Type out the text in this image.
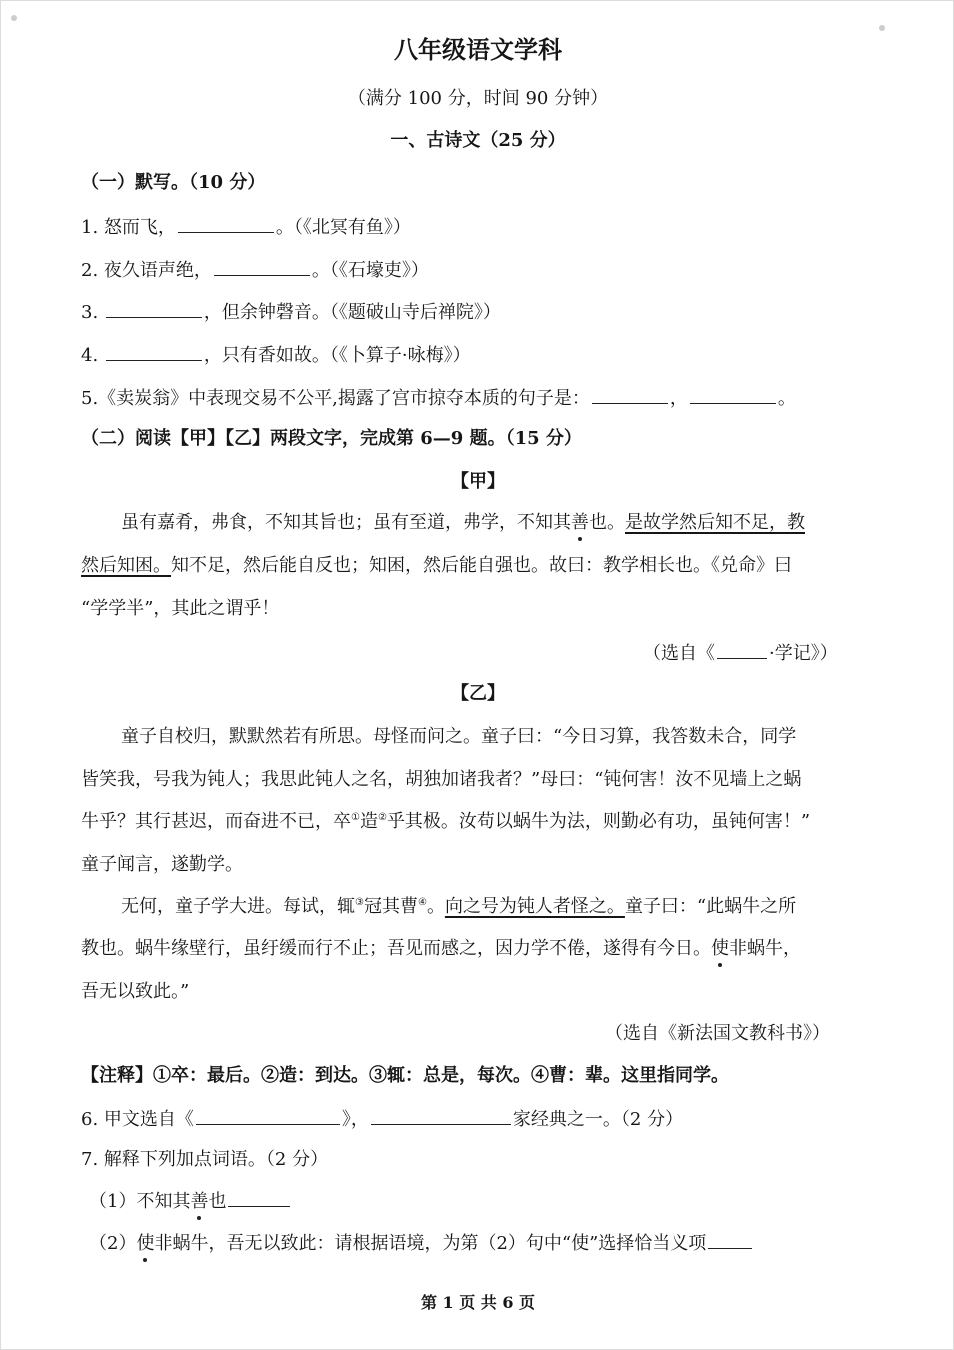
八年级语文学科
（满分 100 分，时间 90 分钟）
一、古诗文（25 分）
（一）默写。（10 分）
1. 怒而飞，	。（《北冥有鱼》）
2. 夜久语声绝，	。（《石壕吏》）
3.	，但余钟磬音。（《题破山寺后禅院》）
4.	，只有香如故。（《卜算子·咏梅》）
5.《卖炭翁》中表现交易不公平,揭露了宫市掠夺本质的句子是：	，	。
（二）阅读【甲】【乙】两段文字，完成第 6—9 题。（15 分）
【甲】
虽有嘉肴，弗食，不知其旨也；虽有至道，弗学，不知其善也。是故学然后知不足，教
然后知困。知不足，然后能自反也；知困，然后能自强也。故曰：教学相长也。《兑命》曰
“学学半”，其此之谓乎！
（选自《	·学记》）
【乙】
童子自校归，默默然若有所思。母怪而问之。童子曰：“今日习算，我答数未合，同学
皆笑我，号我为钝人；我思此钝人之名，胡独加诸我者？”母曰：“钝何害！汝不见墙上之蜗
牛乎？其行甚迟，而奋进不已，卒①造②乎其极。汝苟以蜗牛为法，则勤必有功，虽钝何害！”
童子闻言，遂勤学。
无何，童子学大进。每试，辄③冠其曹④。向之号为钝人者怪之。童子曰：“此蜗牛之所
教也。蜗牛缘壁行，虽纡缓而行不止；吾见而感之，因力学不倦，遂得有今日。使非蜗牛，
吾无以致此。”
（选自《新法国文教科书》）
【注释】①卒：最后。②造：到达。③辄：总是，每次。④曹：辈。这里指同学。
6. 甲文选自《	》，	家经典之一。（2 分）
7. 解释下列加点词语。（2 分）
（1）不知其善也
（2）使非蜗牛，吾无以致此：请根据语境，为第（2）句中“使”选择恰当义项
第 1 页 共 6 页
